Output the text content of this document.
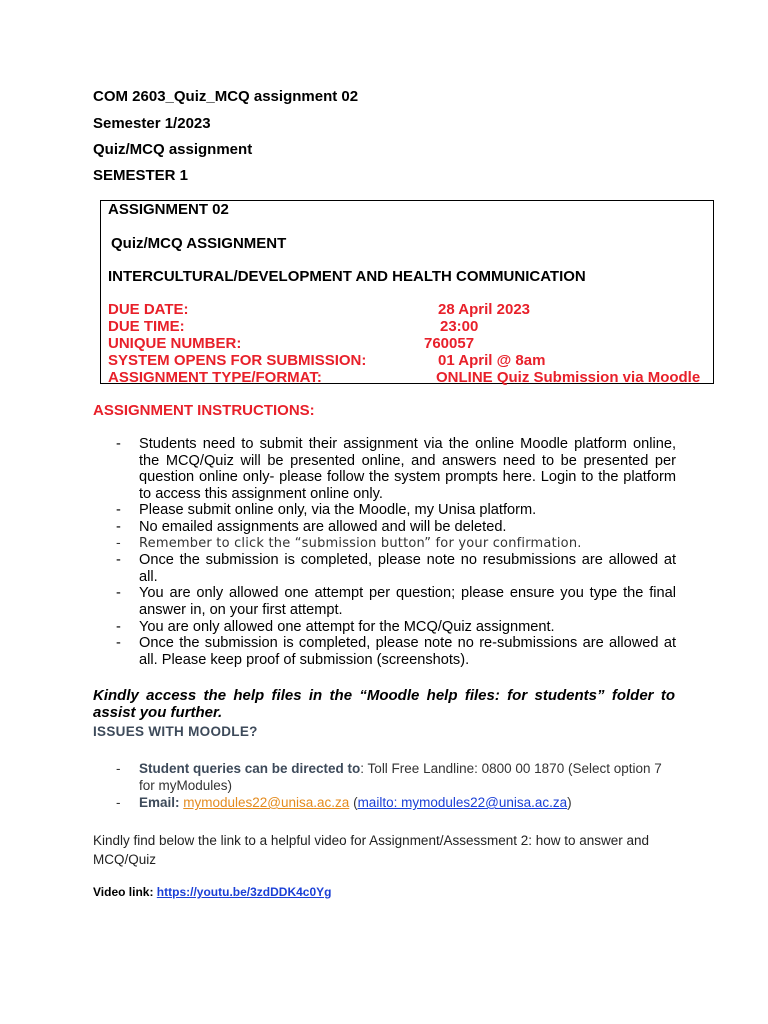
COM 2603_Quiz_MCQ assignment 02
Semester 1/2023
Quiz/MCQ assignment
SEMESTER 1
ASSIGNMENT 02
Quiz/MCQ ASSIGNMENT
INTERCULTURAL/DEVELOPMENT AND HEALTH COMMUNICATION
DUE DATE:	28 April 2023
DUE TIME:	23:00
UNIQUE NUMBER:	760057
SYSTEM OPENS FOR SUBMISSION:	01 April @ 8am
ASSIGNMENT TYPE/FORMAT:	ONLINE Quiz Submission via Moodle
ASSIGNMENT INSTRUCTIONS:
- Students need to submit their assignment via the online Moodle platform online, the MCQ/Quiz will be presented online, and answers need to be presented per question online only- please follow the system prompts here. Login to the platform to access this assignment online only.
- Please submit online only, via the Moodle, my Unisa platform.
- No emailed assignments are allowed and will be deleted.
- Remember to click the “submission button” for your confirmation.
- Once the submission is completed, please note no resubmissions are allowed at all.
- You are only allowed one attempt per question; please ensure you type the final answer in, on your first attempt.
- You are only allowed one attempt for the MCQ/Quiz assignment.
- Once the submission is completed, please note no re-submissions are allowed at all. Please keep proof of submission (screenshots).
Kindly access the help files in the “Moodle help files: for students” folder to assist you further.
ISSUES WITH MOODLE?
- Student queries can be directed to: Toll Free Landline: 0800 00 1870 (Select option 7 for myModules)
- Email: mymodules22@unisa.ac.za (mailto: mymodules22@unisa.ac.za)
Kindly find below the link to a helpful video for Assignment/Assessment 2: how to answer and MCQ/Quiz
Video link: https://youtu.be/3zdDDK4c0Yg
